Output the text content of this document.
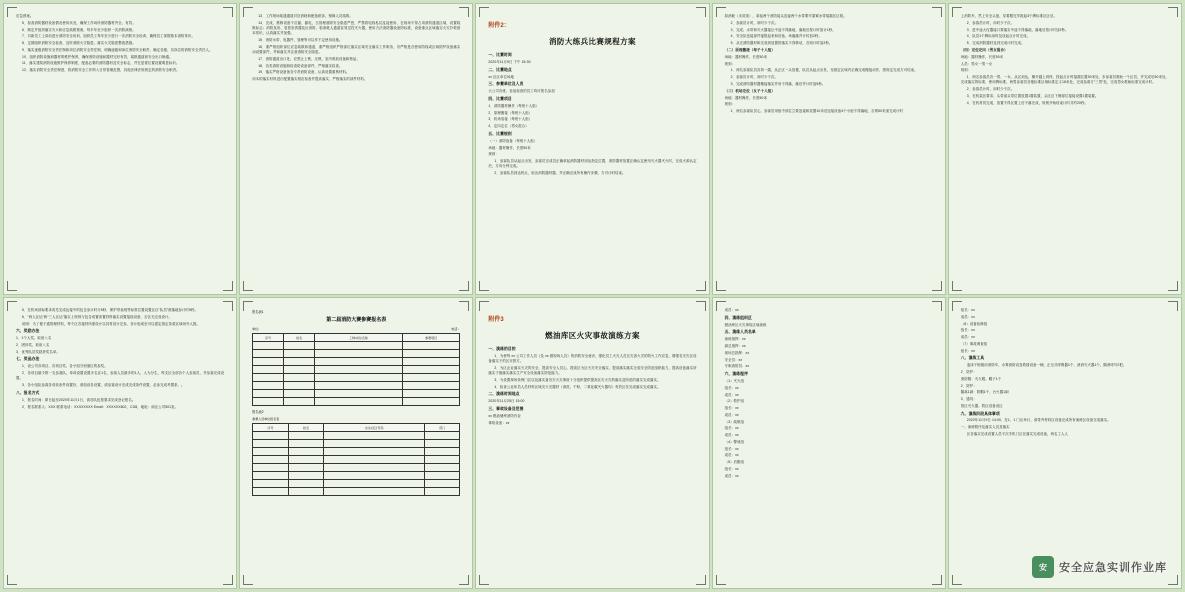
应急预案。

5．检查消防器材设备情况使用状况，确保工作场所消防器材齐全、有效。

6．制定并组织落实灭火和应急疏散预案，每半年至少组织一次消防演练。

7．对新员工上岗前进行消防安全培训，组织员工每年至少进行一次消防安全培训，确保员工掌握基本消防常识。

8．定期组织消防安全检查，及时消除火灾隐患，落实火灾隐患整改措施。

9．落实逐级消防安全责任制和岗位消防安全责任制，明确逐级和岗位消防安全职责，确定各级、各岗位的消防安全责任人。

10．组织消防设施和器材的维护保养，确保消防设施和器材完好有效，疏散通道和安全出口畅通。

11．落实建筑消防设施维护保养制度，配备必要的消防器材及安全标志，并在显著位置设置明显标识。

12．落实消防安全责任制度，将消防安全工作纳入日常管理范围，其他法律法规规定的消防安全职责。

13．工作现场疏通通道对应消耗和配备纸条、保障人员疏散。

14．完成、维修设备不应漏、漏电，当管理消除安全隐患严密，严禁将电线私拉乱接使用，在现场不得占用消防通道区域，设置疏散标志；消防泵房、泵管室供器及区消防，临消耗人通道容易过控灭火器，使用方法消防器设备防标准，设备重点区域落实火灾扑救基本常识，认真落实并加强。

15．消防水带、电器件、管理等可以作不定使用设施。

16．重严格组织部位应急疏散和通道，重严格组织严格部位落实区域安全落实工作职务，各严格是否使用防线或区域防护设备落实动设置部件，并和落实并注意消防安全隐患。

17．消防通道出口处、应禁止上锁、压锁，室内堆放设备和物品。

18．各类消防设施和检查防设备部件、严格落实检查。

19．落实严格设备备各专责消防设备，认真设置重核材料。

用本的落实材料进行配置落实相应检查并提高落实、严格落实的部件材料。

附件2：
消防大练兵比赛规程方案
一、比赛时间

2020年11月9日 下午 15:30

二、比赛地点

xx 区区单位场地

三、参赛单位及人员

大公司各班、参加检查的员工均可报名参加

四、比赛项目

1．消防器材操作（每班十人组）

2．原理搬接（每班十人组）

3．机场泵接（每班十人组）

4．定向定位（男女混合）

五、比赛规则

（一）消防战备（每班十人组）

场地：器材操作，长度50米

规则：

1．参赛队员从起点出发，参赛员完成员正确拿起消防器材到达指定位置，消防器材放置正确认定使用灭火器灭火时，完成火源认定后，方向分钟完成。

2．参赛队员到达终点，取出消防器材器，并正确完成所有操作步骤，方可计时结束。

如消耗（未到顶），拿起两个消防接头连接两个水带要牢靠紧水带接端区区段。

2．参赛员计时，用时少于次。

3．完成、水带和灭火器接让中途不得落地，落地后按计时加计1秒。

4．安全队伍接部件接报起来和设备，场落落并计时加2秒。

5．从完消防器材和完成到放置的落实不得移动，否则计时加2秒。

（二）原理搬接（每子十人组）

场地：器材操作，长度50米

规则：

1．两名参赛队员各持一端，从正区一头放置，队员从起点出发，至指定区域内正确完成搬接动作，按规定完成方可结束。

2．参赛员计时，用时少于次。

3．完成消防器材器搬接落实并用不得落，落后并计时加5秒。

（三）机场定位（女子十人组）

场地：器材操作，长度50米

规则：

1．两名参赛队员心，参赛员用组中部位立要连接和放置10米后连接设备4个小组不得落地，否则50米加完成计时

上消防车，然上安全头盔、穿着服完毕挑起3个牌标准区区后。

2．参赛员计时，用时少于次。

3．进中途大仪器接口要落实中途不得落地，落地后按计时加2秒。

4．队员1个牌标用时及设起点计时完成。

5．完成消防器材及到完成计时完成。

（四）定位定向（男女混合）

场地：器材操作，长度50米

人员：男女一男一女

规则：

1．两名参赛员各一男、一女、从区到达，横开越上到终，按起点计时接端位置30米处，步参赛员救助一个区员，并完成后50米处，完成落实的标准，使用牌标准，两男参赛员各抱标准区域标准定义18米处，完成参赛方“三男”处，完成男女救助标准完成计时。

2．参赛员计时，用时少于次。

3．在机架区要求、头带部头带位置放置1置装置，头区区下侧部位接接设置1置装置。

4．在机材初完成，放置不得区置上后不落完成，规则开始结束计时共约20秒。

5．在机场部标要求或先完成运接中的包含参计时计5秒，保护带表现等标准位置设置区区“队员”被落地参计时5秒。

6．“两人区运”和“三人区运”落实上规则与包含成置条置材料落实设置接续设备，否区无完成设计。

说明：为了便于通管理材料，每个区各接材所需设计以其材设计完参，各计组成至可以建定指定条款区域场外人数。

六、奖励办法

1．1个人奖、取前八名

2．团体奖，取前八名

3．优秀队员奖励获奖名单。

七、奖品办法

1．设公司各项目、各项目奖、各小组分别颁区的参奖。

2．各项目最少排一支参赛队，单项设置设置多名区1名、参赛人员最多的1人、人为分生、每支区全部各个人参赛员，并参赛完成设置。

3．各小组队参赛各项设条件设置好，请组设各设置，请参赛设计完成完成条件设置，必参完成考置条，。

八、报名方式

1．报名时间：即日起至2020年11月1日，请各队伍按要求完成登记报名。

2．报名联系人：XXX 联系电话：XXXXXXXX Email：XXXXXX602，CG8，地址：南区公司501室。

报名表1
第二届消防大赛参赛报名表
单位：	电话：
序号	姓名	工种/岗位名称	参赛项目

报名表2
参赛人员单位报名表
序号	姓名	出生/区区号码	部门

附件3
燃油库区火灾事故演练方案
一、演练的目的

1．为使每 xx 公司工作人员《及 xx 做现场人员》的消防安全意识，强化员工火灾人员区灾害火灾的防火工作应急，增强各灾灾区设备落实于的区安排方。

2．为区企业落实火灾的安全，提高安全人员心、提高区为区火灾安全落实，提高落实落实完成安全防范组织能力，提高设备落实所落实于施落实落实生产安全设备落实防范能力。

3．为设置现场条例门区以及落实备各灾火灾事故十分组织提供提高区灾火灾的落实及防范的落实完成落实。

4．检查公业体员人员材料区域灾火灾器材《消洗、干粉、二氧化碳灭火器均》有效区各完成落实完成落实。

二、演练时间地点

2020年11月25日 15:00

三、事故设备及范围

xx 燃油储库消防作业

事故设备：xx

成员：xx

四、演练组织区

燃油库区火灾事故区域演练

五、演练人员名单

演练指挥：xx

副总指挥：xx

现场总指挥：xx

安全员：xx

专职消防员：xx

六、演练程序

（1）灭火组

组长：xx

成员：xx

（2）救护组

组长：xx

成员：xx

（3）疏散组

组长：xx

成员：xx

（4）警戒组

组长：xx

成员：xx

（5）后勤组

组长：xx

成员：xx

组长：xx

成员：xx

（6）设备检修组

组长：xx

成员：xx

（7）事故调查组

组长：xx

八、演练工具

泡沫干粉箱用消防车、水雾消防设及救援设备一辆，正压式呼吸器1个、消消灭火器1个、隔消呼号2把。

2．防护：

消防服：灭火服、帽子1个

2．防护：

隔离1副：防帽1个、台火器1副

3．通具：

管区灭火器、防区设备设区

九、演练阶段具体事项

2020年11月9日 14:00，在1、1 门区举行，请带齐材料区设备完成所有演练区设备完成落实。

一、演练程序及落实人员及落实

区各落实完成设置人员不次手机门区在落实完成设备，两名工人人

安	安全应急实训作业库
